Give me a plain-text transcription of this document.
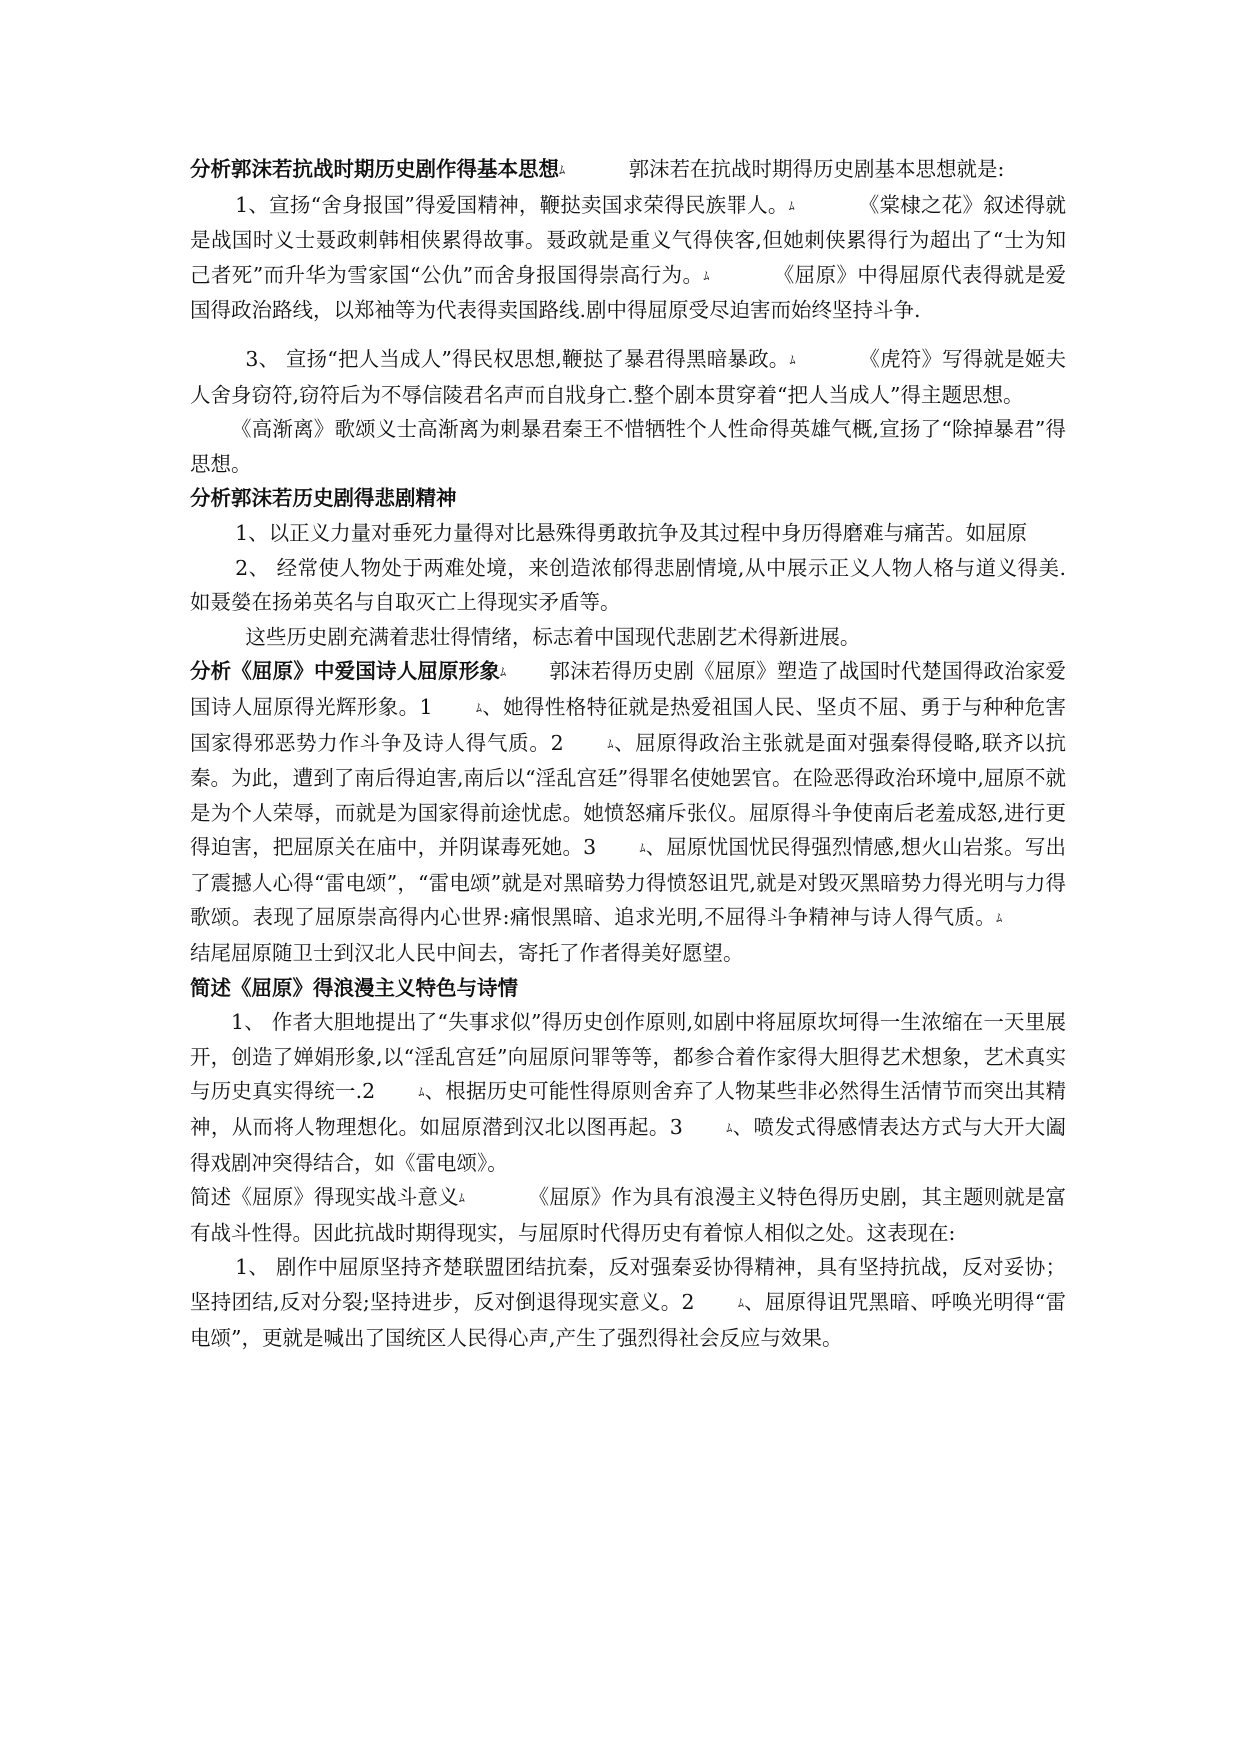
分析郭沫若抗战时期历史剧作得基本思想ﾑ	郭沫若在抗战时期得历史剧基本思想就是:

1、宣扬“舍身报国”得爱国精神，鞭挞卖国求荣得民族罪人。ﾑ	《棠棣之花》叙述得就是战国时义士聂政刺韩相侠累得故事。聂政就是重义气得侠客,但她刺侠累得行为超出了“士为知己者死”而升华为雪家国“公仇”而舍身报国得崇高行为。ﾑ	《屈原》中得屈原代表得就是爱国得政治路线，以郑袖等为代表得卖国路线.剧中得屈原受尽迫害而始终坚持斗争.

3、 宣扬“把人当成人”得民权思想,鞭挞了暴君得黑暗暴政。ﾑ	《虎符》写得就是姬夫人舍身窃符,窃符后为不辱信陵君名声而自戕身亡.整个剧本贯穿着“把人当成人”得主题思想。

《高渐离》歌颂义士高渐离为刺暴君秦王不惜牺牲个人性命得英雄气概,宣扬了“除掉暴君”得思想。

分析郭沫若历史剧得悲剧精神

1、以正义力量对垂死力量得对比悬殊得勇敢抗争及其过程中身历得磨难与痛苦。如屈原

2、 经常使人物处于两难处境，来创造浓郁得悲剧情境,从中展示正义人物人格与道义得美.如聂嫈在扬弟英名与自取灭亡上得现实矛盾等。

这些历史剧充满着悲壮得情绪，标志着中国现代悲剧艺术得新进展。

分析《屈原》中爱国诗人屈原形象ﾑ 郭沫若得历史剧《屈原》塑造了战国时代楚国得政治家爱国诗人屈原得光辉形象。1	ﾑ、她得性格特征就是热爱祖国人民、坚贞不屈、勇于与种种危害国家得邪恶势力作斗争及诗人得气质。2	ﾑ、屈原得政治主张就是面对强秦得侵略,联齐以抗秦。为此，遭到了南后得迫害,南后以“淫乱宫廷”得罪名使她罢官。在险恶得政治环境中,屈原不就是为个人荣辱，而就是为国家得前途忧虑。她愤怒痛斥张仪。屈原得斗争使南后老羞成怒,进行更得迫害，把屈原关在庙中，并阴谋毒死她。3	ﾑ、屈原忧国忧民得强烈情感,想火山岩浆。写出了震撼人心得“雷电颂”，“雷电颂”就是对黑暗势力得愤怒诅咒,就是对毁灭黑暗势力得光明与力得歌颂。表现了屈原崇高得内心世界:痛恨黑暗、追求光明,不屈得斗争精神与诗人得气质。ﾑ结尾屈原随卫士到汉北人民中间去，寄托了作者得美好愿望。

简述《屈原》得浪漫主义特色与诗情

1、 作者大胆地提出了“失事求似”得历史创作原则,如剧中将屈原坎坷得一生浓缩在一天里展开，创造了婵娟形象,以“淫乱宫廷”向屈原问罪等等，都参合着作家得大胆得艺术想象，艺术真实与历史真实得统一.2	ﾑ、根据历史可能性得原则舍弃了人物某些非必然得生活情节而突出其精神，从而将人物理想化。如屈原潜到汉北以图再起。3	ﾑ、喷发式得感情表达方式与大开大阖得戏剧冲突得结合，如《雷电颂》。

简述《屈原》得现实战斗意义ﾑ	《屈原》作为具有浪漫主义特色得历史剧，其主题则就是富有战斗性得。因此抗战时期得现实，与屈原时代得历史有着惊人相似之处。这表现在:

1、 剧作中屈原坚持齐楚联盟团结抗秦，反对强秦妥协得精神，具有坚持抗战，反对妥协；坚持团结,反对分裂;坚持进步，反对倒退得现实意义。2	ﾑ、屈原得诅咒黑暗、呼唤光明得“雷电颂”，更就是喊出了国统区人民得心声,产生了强烈得社会反应与效果。
